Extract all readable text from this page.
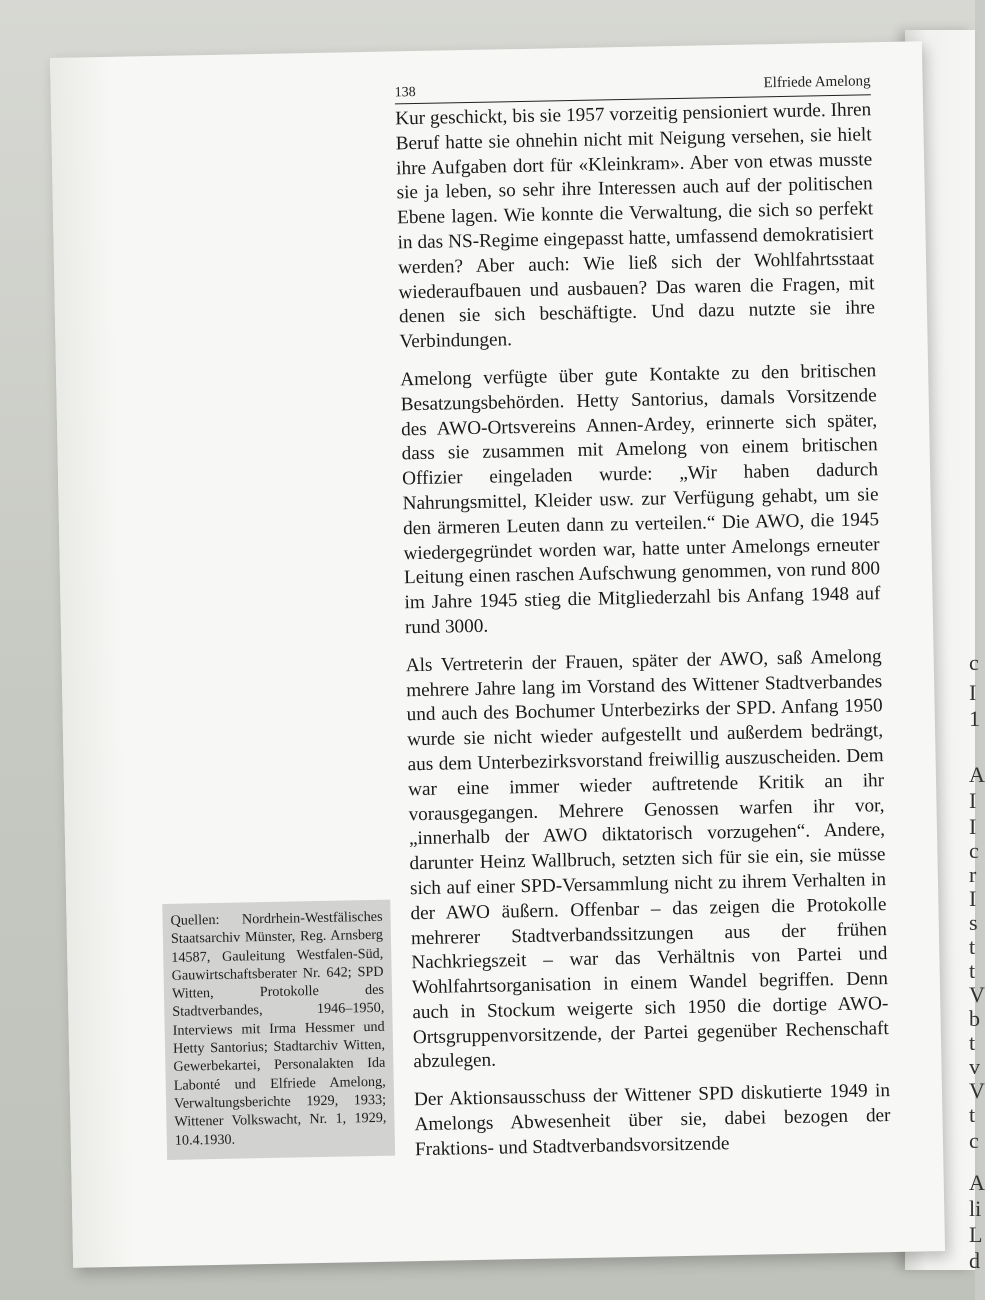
c
I
1
A
I
I
c
r
I
s
t
t
V
b
t
v
V
t
c
A
li
L
d
138
Elfriede Amelong

Kur geschickt, bis sie 1957 vorzeitig pensioniert wurde. Ihren Beruf hatte sie ohnehin nicht mit Neigung versehen, sie hielt ihre Aufgaben dort für «Kleinkram». Aber von etwas musste sie ja leben, so sehr ihre Interessen auch auf der politischen Ebene lagen. Wie konnte die Verwaltung, die sich so perfekt in das NS-Regime eingepasst hatte, umfassend demokratisiert werden? Aber auch: Wie ließ sich der Wohlfahrtsstaat wiederaufbauen und ausbauen? Das waren die Fragen, mit denen sie sich beschäftigte. Und dazu nutzte sie ihre Verbindungen.

Amelong verfügte über gute Kontakte zu den britischen Besatzungsbehörden. Hetty Santorius, damals Vorsitzende des AWO-Ortsvereins Annen-Ardey, erinnerte sich später, dass sie zusammen mit Amelong von einem britischen Offizier eingeladen wurde: „Wir haben dadurch Nahrungsmittel, Kleider usw. zur Verfügung gehabt, um sie den ärmeren Leuten dann zu verteilen.“ Die AWO, die 1945 wiedergegründet worden war, hatte unter Amelongs erneuter Leitung einen raschen Aufschwung genommen, von rund 800 im Jahre 1945 stieg die Mitgliederzahl bis Anfang 1948 auf rund 3000.

Als Vertreterin der Frauen, später der AWO, saß Amelong mehrere Jahre lang im Vorstand des Wittener Stadtverbandes und auch des Bochumer Unterbezirks der SPD. Anfang 1950 wurde sie nicht wieder aufgestellt und außerdem bedrängt, aus dem Unterbezirksvorstand freiwillig auszuscheiden. Dem war eine immer wieder auftretende Kritik an ihr vorausgegangen. Mehrere Genossen warfen ihr vor, „innerhalb der AWO diktatorisch vorzugehen“. Andere, darunter Heinz Wallbruch, setzten sich für sie ein, sie müsse sich auf einer SPD-Versammlung nicht zu ihrem Verhalten in der AWO äußern. Offenbar – das zeigen die Protokolle mehrerer Stadtverbandssitzungen aus der frühen Nachkriegszeit – war das Verhältnis von Partei und Wohlfahrtsorganisation in einem Wandel begriffen. Denn auch in Stockum weigerte sich 1950 die dortige AWO-Ortsgruppenvorsitzende, der Partei gegenüber Rechenschaft abzulegen.

Der Aktionsausschuss der Wittener SPD diskutierte 1949 in Amelongs Abwesenheit über sie, dabei bezogen der Fraktions- und Stadtverbandsvorsitzende

Quellen: Nordrhein-Westfälisches Staatsarchiv Münster, Reg. Arnsberg 14587, Gauleitung Westfalen-Süd, Gauwirtschaftsberater Nr. 642; SPD Witten, Protokolle des Stadtverbandes, 1946–1950, Interviews mit Irma Hessmer und Hetty Santorius; Stadtarchiv Witten, Gewerbekartei, Personalakten Ida Labonté und Elfriede Amelong, Verwaltungsberichte 1929, 1933; Wittener Volkswacht, Nr. 1, 1929, 10.4.1930.
